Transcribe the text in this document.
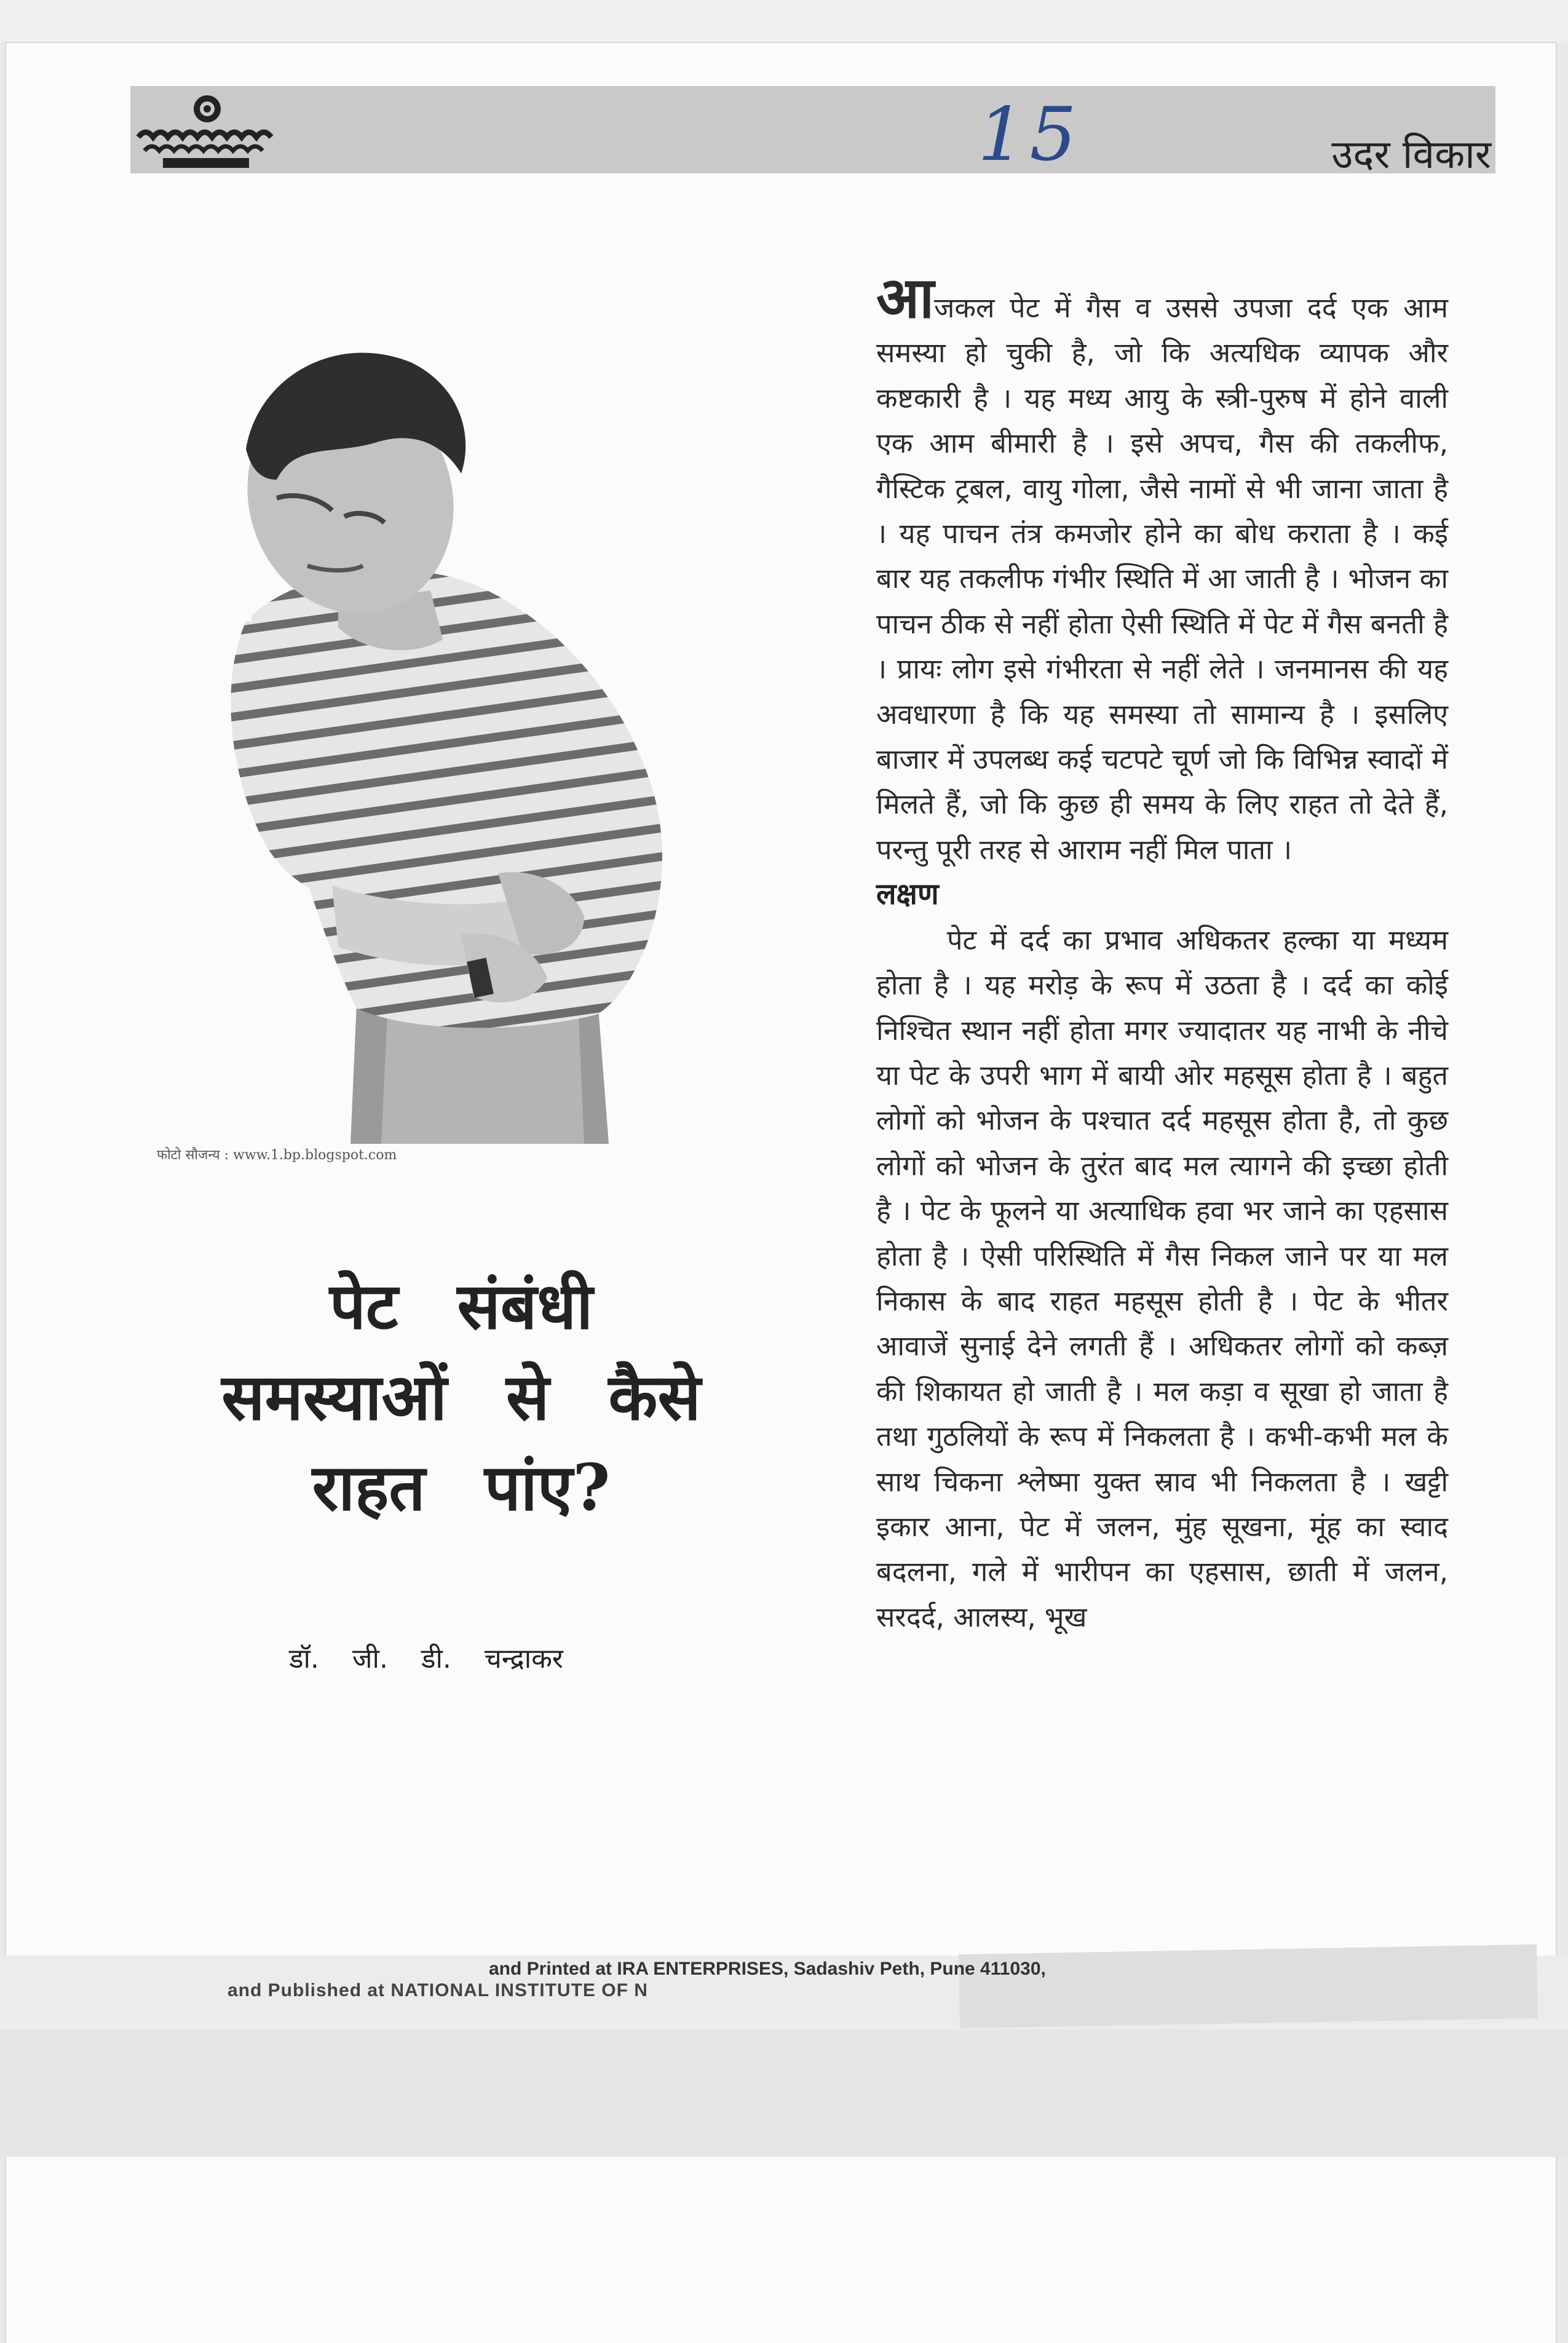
15	उदर विकार
फोटो सौजन्य : www.1.bp.blogspot.com
पेट संबंधी समस्याओं से कैसे राहत पांए?
डॉ. जी. डी. चन्द्राकर

आजकल पेट में गैस व उससे उपजा दर्द एक आम समस्या हो चुकी है, जो कि अत्यधिक व्यापक और कष्टकारी है । यह मध्य आयु के स्त्री-पुरुष में होने वाली एक आम बीमारी है । इसे अपच, गैस की तकलीफ, गैस्टिक ट्रबल, वायु गोला, जैसे नामों से भी जाना जाता है । यह पाचन तंत्र कमजोर होने का बोध कराता है । कई बार यह तकलीफ गंभीर स्थिति में आ जाती है । भोजन का पाचन ठीक से नहीं होता ऐसी स्थिति में पेट में गैस बनती है । प्रायः लोग इसे गंभीरता से नहीं लेते । जनमानस की यह अवधारणा है कि यह समस्या तो सामान्य है । इसलिए बाजार में उपलब्ध कई चटपटे चूर्ण जो कि विभिन्न स्वादों में मिलते हैं, जो कि कुछ ही समय के लिए राहत तो देते हैं, परन्तु पूरी तरह से आराम नहीं मिल पाता ।

लक्षण

पेट में दर्द का प्रभाव अधिकतर हल्का या मध्यम होता है । यह मरोड़ के रूप में उठता है । दर्द का कोई निश्चित स्थान नहीं होता मगर ज्यादातर यह नाभी के नीचे या पेट के उपरी भाग में बायी ओर महसूस होता है । बहुत लोगों को भोजन के पश्चात दर्द महसूस होता है, तो कुछ लोगों को भोजन के तुरंत बाद मल त्यागने की इच्छा होती है । पेट के फूलने या अत्याधिक हवा भर जाने का एहसास होता है । ऐसी परिस्थिति में गैस निकल जाने पर या मल निकास के बाद राहत महसूस होती है । पेट के भीतर आवाजें सुनाई देने लगती हैं । अधिकतर लोगों को कब्ज़ की शिकायत हो जाती है । मल कड़ा व सूखा हो जाता है तथा गुठलियों के रूप में निकलता है । कभी-कभी मल के साथ चिकना श्लेष्मा युक्त स्राव भी निकलता है । खट्टी इकार आना, पेट में जलन, मुंह सूखना, मूंह का स्वाद बदलना, गले में भारीपन का एहसास, छाती में जलन, सरदर्द, आलस्य, भूख

and Printed at IRA ENTERPRISES, Sadashiv Peth, Pune 411030,
and Published at NATIONAL INSTITUTE OF N
